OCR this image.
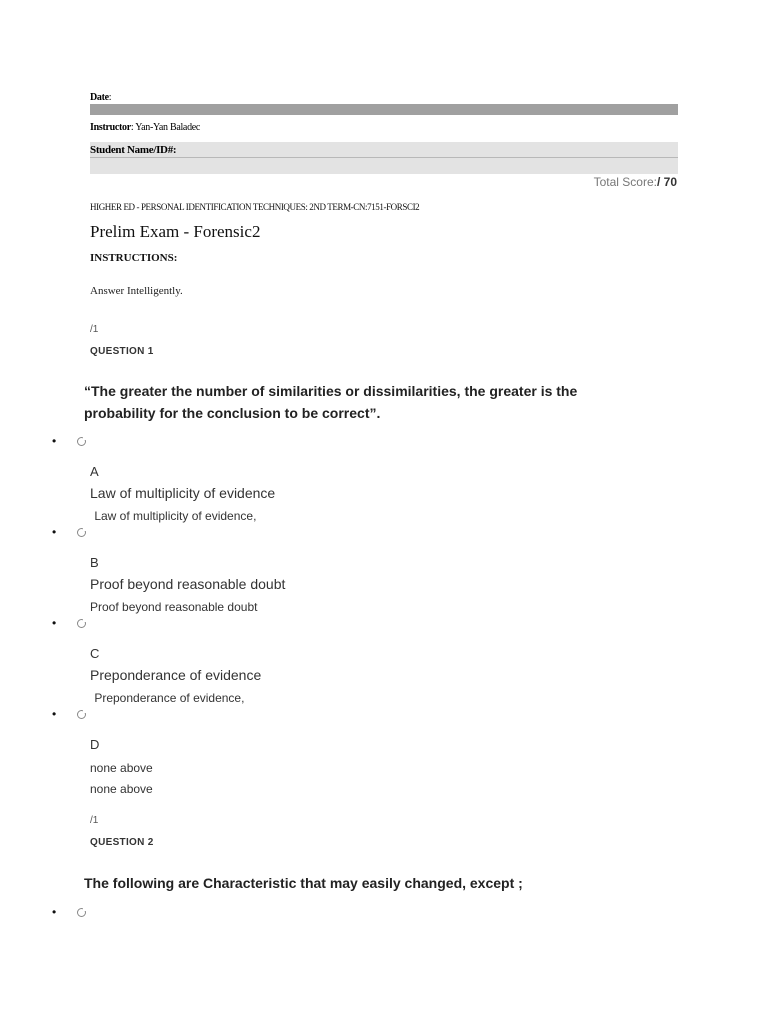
Date:
Instructor: Yan-Yan Baladec
Student Name/ID#:
Total Score:/ 70
HIGHER ED - PERSONAL IDENTIFICATION TECHNIQUES: 2ND TERM-CN:7151-FORSCI2
Prelim Exam - Forensic2
INSTRUCTIONS:
Answer Intelligently.
/1
QUESTION 1
“The greater the number of similarities or dissimilarities, the greater is the probability for the conclusion to be correct”.
•
A
Law of multiplicity of evidence
Law of multiplicity of evidence,
•
B
Proof beyond reasonable doubt
Proof beyond reasonable doubt
•
C
Preponderance of evidence
Preponderance of evidence,
•
D
none above
none above
/1
QUESTION 2
The following are Characteristic that may easily changed, except ;
•
